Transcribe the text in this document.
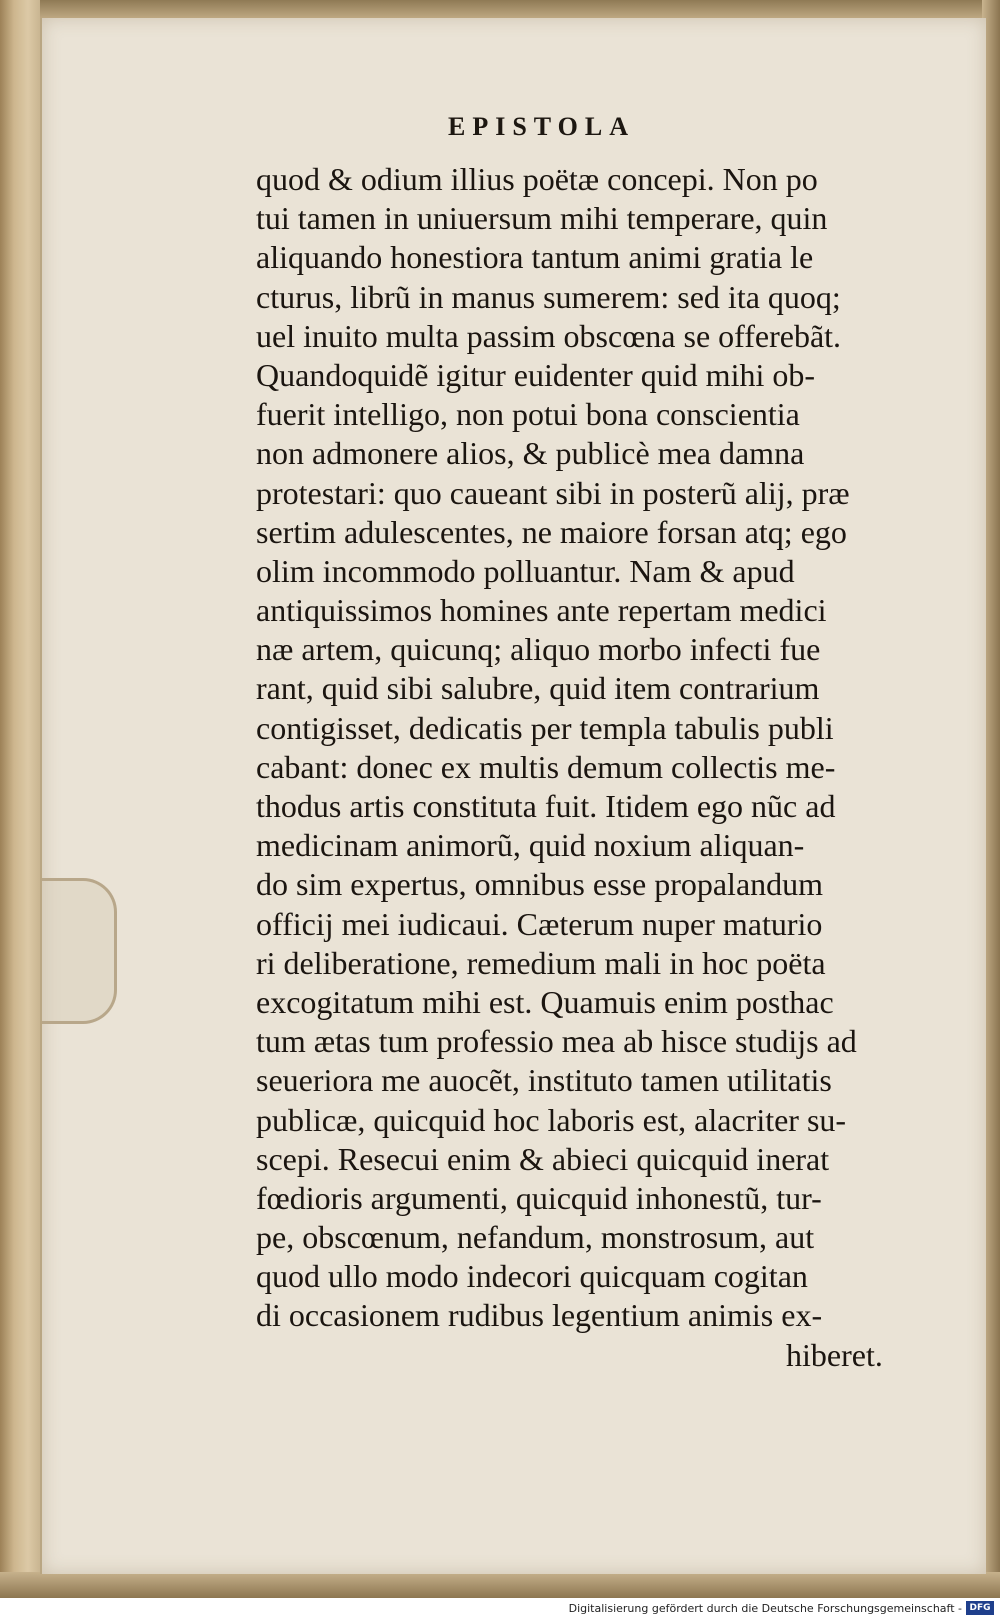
EPISTOLA
quod & odium illius poëtæ concepi. Non po
tui tamen in uniuersum mihi temperare, quin
aliquando honestiora tantum animi gratia le
cturus, librũ in manus sumerem: sed ita quoq;
uel inuito multa passim obscœna se offerebãt.
Quandoquidẽ igitur euidenter quid mihi ob-
fuerit intelligo, non potui bona conscientia
non admonere alios, & publicè mea damna
protestari: quo caueant sibi in posterũ alij, præ
sertim adulescentes, ne maiore forsan atq; ego
olim incommodo polluantur. Nam & apud
antiquissimos homines ante repertam medici
næ artem, quicunq; aliquo morbo infecti fue
rant, quid sibi salubre, quid item contrarium
contigisset, dedicatis per templa tabulis publi
cabant: donec ex multis demum collectis me-
thodus artis constituta fuit. Itidem ego nũc ad
medicinam animorũ, quid noxium aliquan-
do sim expertus, omnibus esse propalandum
officij mei iudicaui. Cæterum nuper maturio
ri deliberatione, remedium mali in hoc poëta
excogitatum mihi est. Quamuis enim posthac
tum ætas tum professio mea ab hisce studijs ad
seueriora me auocẽt, instituto tamen utilitatis
publicæ, quicquid hoc laboris est, alacriter su-
scepi. Resecui enim & abieci quicquid inerat
fœdioris argumenti, quicquid inhonestũ, tur-
pe, obscœnum, nefandum, monstrosum, aut
quod ullo modo indecori quicquam cogitan
di occasionem rudibus legentium animis ex-
hiberet.
Digitalisierung gefördert durch die Deutsche Forschungsgemeinschaft - DFG
